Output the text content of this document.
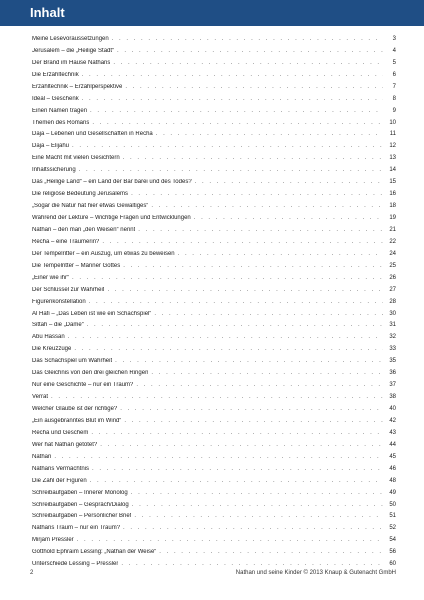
Inhalt
Meine Lesevoraussetzungen . . .	3
Jerusalem – die „Heilige Stadt“ . . .	4
Der Brand im Hause Nathans . . .	5
Die Erzähltechnik . . .	6
Erzähltechnik – Erzählperspektive . . .	7
Ideal – Geschenk . . .	8
Einen Namen tragen . . .	9
Themen des Romans . . .	10
Daja – Lebenen und Gesellschaften in Recha . . .	11
Daja – Elijahu . . .	12
Eine Macht mit vielen Gesichtern . . .	13
Inhaltssicherung . . .	14
Das „Heilige Land“ – ein Land der Bar barei und des Todes? . . .	15
Die religiöse Bedeutung Jerusalems . . .	16
„Sogar die Natur hat hier etwas Gewaltiges“ . . .	18
Während der Lektüre – Wichtige Fragen und Entwicklungen . . .	19
Nathan – den man „den Weisen“ nennt . . .	21
Recha – eine Träumerin? . . .	22
Der Tempelritter – ein Auszug, um etwas zu beweisen . . .	24
Die Tempelritter – Männer Gottes . . .	25
„Einer wie ihr“ . . .	26
Der Schlüssel zur Wahrheit . . .	27
Figurenkonstellation . . .	28
Al Hafi – „Das Leben ist wie ein Schachspiel“ . . .	30
Sittah – die „Dame“ . . .	31
Abu Hassan . . .	32
Die Kreuzzüge . . .	33
Das Schachspiel um Wahrheit . . .	35
Das Gleichnis von den drei gleichen Ringen . . .	36
Nur eine Geschichte – nur ein Traum? . . .	37
Verrat . . .	38
Welcher Glaube ist der richtige? . . .	40
„Ein ausgebranntes Blut im Wind“ . . .	42
Recha und Geschem . . .	43
Wer hat Nathan getötet? . . .	44
Nathan . . .	45
Nathans Vermächtnis . . .	46
Die Zahl der Figuren . . .	48
Schreibaufgaben – Innerer Monolog . . .	49
Schreibaufgaben – Gespräch/Dialog . . .	50
Schreibaufgaben – Persönlicher Brief . . .	51
Nathans Traum – nur ein Traum? . . .	52
Mirjam Pressler . . .	54
Gotthold Ephraim Lessing: „Nathan der Weise“ . . .	56
Unterschiede Lessing – Pressler . . .	60
2	Nathan und seine Kinder © 2013 Knaup & Gutenacht GmbH
